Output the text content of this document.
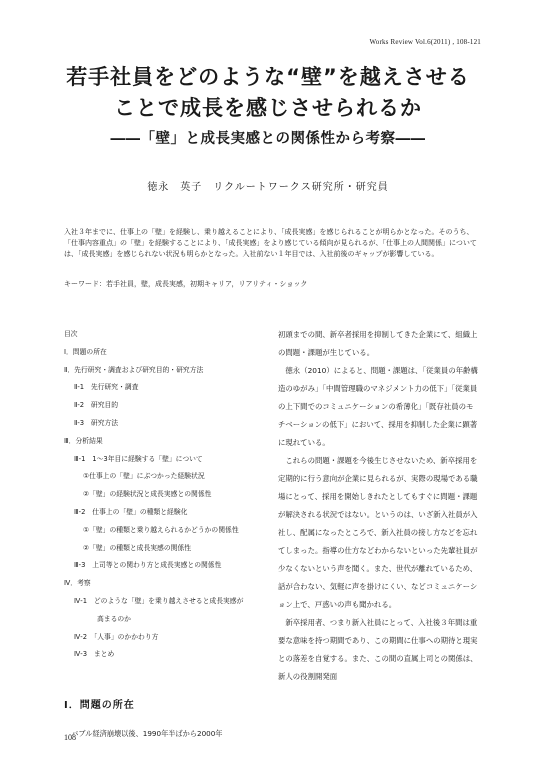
Works Review Vol.6(2011) , 108-121
若手社員をどのような“壁”を越えさせる
ことで成長を感じさせられるか
――「壁」と成長実感との関係性から考察――
徳永　英子　リクルートワークス研究所・研究員

入社３年までに、仕事上の「壁」を経験し、乗り越えることにより、「成長実感」を感じられることが明らかとなった。そのうち、「仕事内容重点」の「壁」を経験することにより、「成長実感」をより感じている傾向が見られるが、「仕事上の人間関係」については、「成長実感」を感じられない状況も明らかとなった。入社前ない１年目では、入社前後のギャップが影響している。

キーワード：若手社員，壁，成長実感，初期キャリア，リアリティ・ショック
目次
Ⅰ．問題の所在
Ⅱ．先行研究・調査および研究目的・研究方法
Ⅱ-1　先行研究・調査
Ⅱ-2　研究目的
Ⅱ-3　研究方法
Ⅲ．分析結果
Ⅲ-1　1～3年目に経験する「壁」について
①仕事上の「壁」にぶつかった経験状況
②「壁」の経験状況と成長実感との関係性
Ⅲ-2　仕事上の「壁」の種類と経験化
①「壁」の種類と乗り越えられるかどうかの関係性
②「壁」の種類と成長実感の関係性
Ⅲ-3　上司等との関わり方と成長実感との関係性
Ⅳ．考察
Ⅳ-1　どのような「壁」を乗り越えさせると成長実感が
高まるのか
Ⅳ-2　「人事」のかかわり方
Ⅳ-3　まとめ
Ⅰ．問題の所在

バブル経済崩壊以後、1990年半ばから2000年

初頭までの間、新卒者採用を抑制してきた企業にて、組織上の問題・課題が生じている。

徳永（2010）によると、問題・課題は、「従業員の年齢構造のゆがみ」「中間管理職のマネジメント力の低下」「従業員の上下間でのコミュニケーションの希薄化」「既存社員のモチベーションの低下」において、採用を抑制した企業に顕著に現れている。

これらの問題・課題を今後生じさせないため、新卒採用を定期的に行う意向が企業に見られるが、実際の現場である職場にとって、採用を開始しきれたとしてもすぐに問題・課題が解決される状況ではない。というのは、いざ新入社員が入社し、配属になったところで、新入社員の接し方などを忘れてしまった。指導の仕方などわからないといった先輩社員が少なくないという声を聞く。また、世代が離れているため、話が合わない、気軽に声を掛けにくい、などコミュニケーション上で、戸惑いの声も聞かれる。

新卒採用者、つまり新入社員にとって、入社後３年間は重要な意味を持つ期間であり、この期間に仕事への期待と現実との落差を自覚する。また、この間の直属上司との関係は、新人の役割開発面

108
